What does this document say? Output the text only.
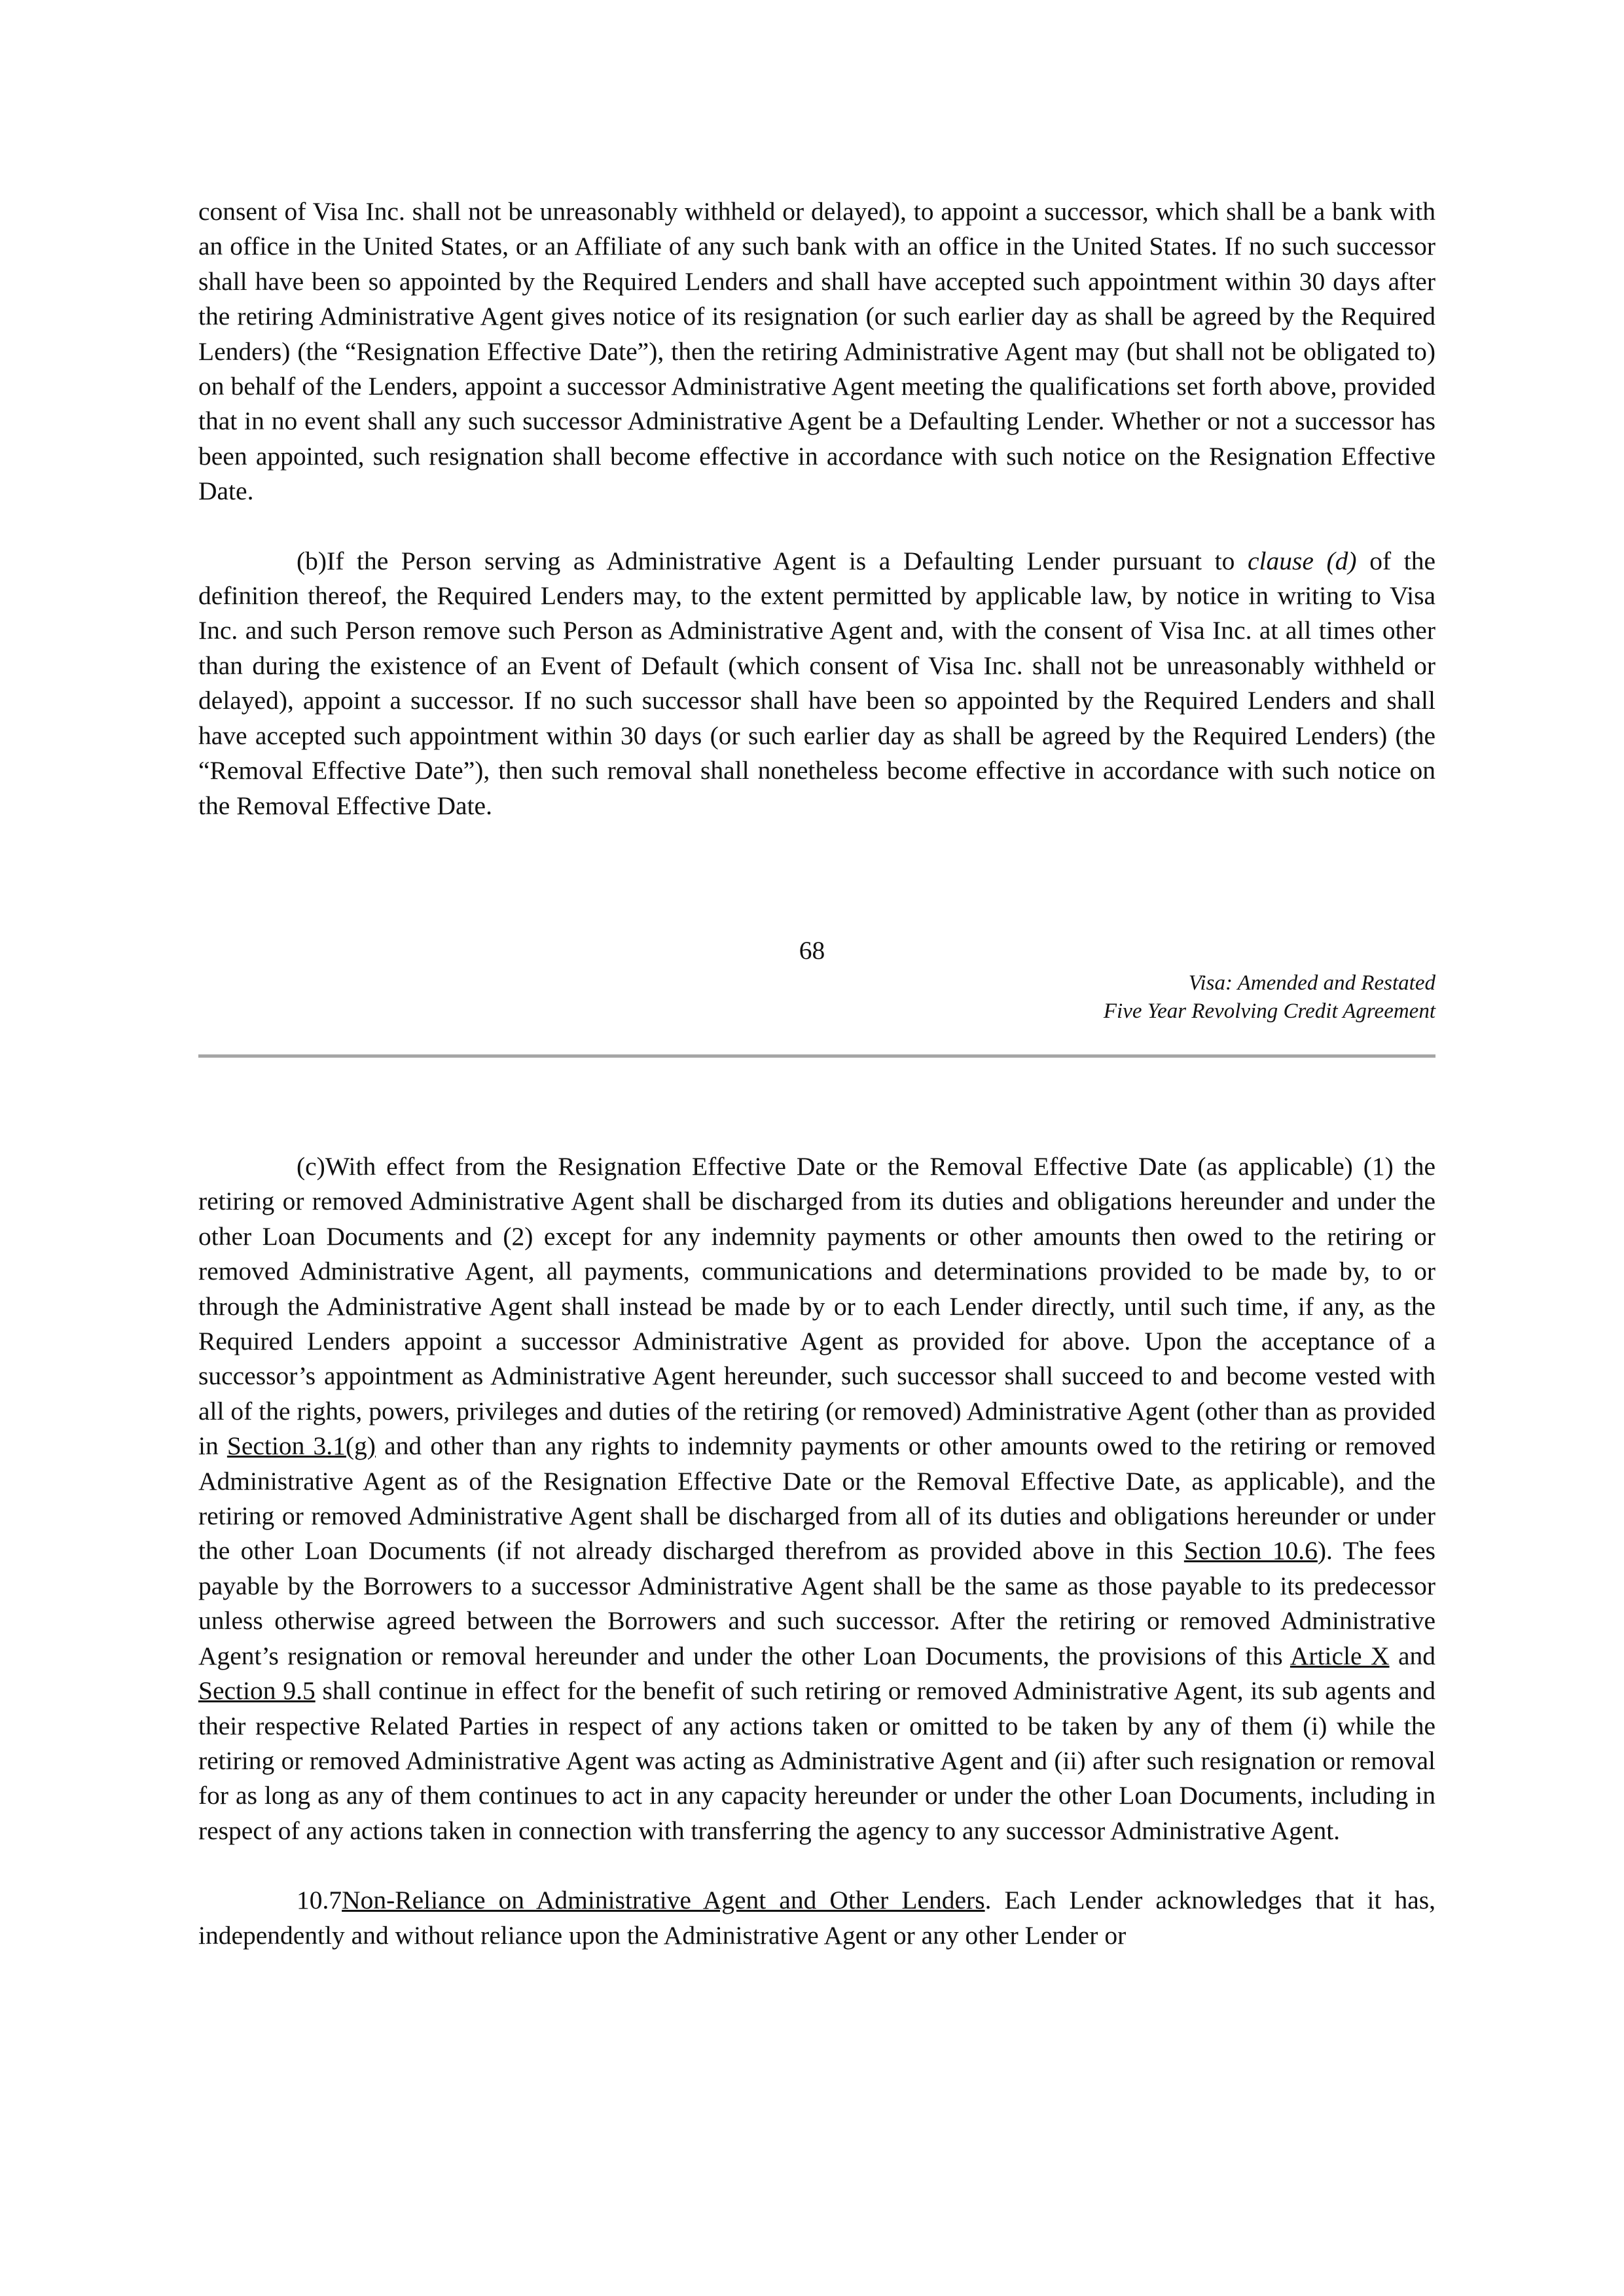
consent of Visa Inc. shall not be unreasonably withheld or delayed), to appoint a successor, which shall be a bank with an office in the United States, or an Affiliate of any such bank with an office in the United States. If no such successor shall have been so appointed by the Required Lenders and shall have accepted such appointment within 30 days after the retiring Administrative Agent gives notice of its resignation (or such earlier day as shall be agreed by the Required Lenders) (the “Resignation Effective Date”), then the retiring Administrative Agent may (but shall not be obligated to) on behalf of the Lenders, appoint a successor Administrative Agent meeting the qualifications set forth above, provided that in no event shall any such successor Administrative Agent be a Defaulting Lender. Whether or not a successor has been appointed, such resignation shall become effective in accordance with such notice on the Resignation Effective Date.

(b)If the Person serving as Administrative Agent is a Defaulting Lender pursuant to clause (d) of the definition thereof, the Required Lenders may, to the extent permitted by applicable law, by notice in writing to Visa Inc. and such Person remove such Person as Administrative Agent and, with the consent of Visa Inc. at all times other than during the existence of an Event of Default (which consent of Visa Inc. shall not be unreasonably withheld or delayed), appoint a successor. If no such successor shall have been so appointed by the Required Lenders and shall have accepted such appointment within 30 days (or such earlier day as shall be agreed by the Required Lenders) (the “Removal Effective Date”), then such removal shall nonetheless become effective in accordance with such notice on the Removal Effective Date.

68
Visa: Amended and Restated
Five Year Revolving Credit Agreement

(c)With effect from the Resignation Effective Date or the Removal Effective Date (as applicable) (1) the retiring or removed Administrative Agent shall be discharged from its duties and obligations hereunder and under the other Loan Documents and (2) except for any indemnity payments or other amounts then owed to the retiring or removed Administrative Agent, all payments, communications and determinations provided to be made by, to or through the Administrative Agent shall instead be made by or to each Lender directly, until such time, if any, as the Required Lenders appoint a successor Administrative Agent as provided for above. Upon the acceptance of a successor’s appointment as Administrative Agent hereunder, such successor shall succeed to and become vested with all of the rights, powers, privileges and duties of the retiring (or removed) Administrative Agent (other than as provided in Section 3.1(g) and other than any rights to indemnity payments or other amounts owed to the retiring or removed Administrative Agent as of the Resignation Effective Date or the Removal Effective Date, as applicable), and the retiring or removed Administrative Agent shall be discharged from all of its duties and obligations hereunder or under the other Loan Documents (if not already discharged therefrom as provided above in this Section 10.6). The fees payable by the Borrowers to a successor Administrative Agent shall be the same as those payable to its predecessor unless otherwise agreed between the Borrowers and such successor. After the retiring or removed Administrative Agent’s resignation or removal hereunder and under the other Loan Documents, the provisions of this Article X and Section 9.5 shall continue in effect for the benefit of such retiring or removed Administrative Agent, its sub agents and their respective Related Parties in respect of any actions taken or omitted to be taken by any of them (i) while the retiring or removed Administrative Agent was acting as Administrative Agent and (ii) after such resignation or removal for as long as any of them continues to act in any capacity hereunder or under the other Loan Documents, including in respect of any actions taken in connection with transferring the agency to any successor Administrative Agent.

10.7Non-Reliance on Administrative Agent and Other Lenders. Each Lender acknowledges that it has, independently and without reliance upon the Administrative Agent or any other Lender or
